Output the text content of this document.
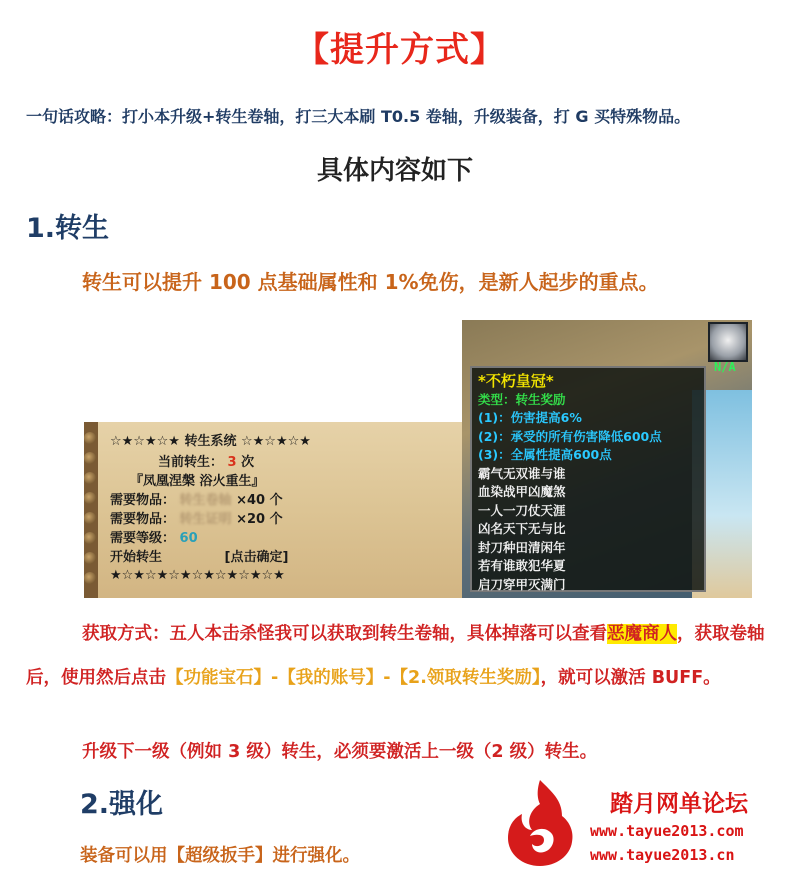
【提升方式】
一句话攻略：打小本升级+转生卷轴，打三大本刷 T0.5 卷轴，升级装备，打 G 买特殊物品。
具体内容如下
1.转生
转生可以提升 100 点基础属性和 1%免伤，是新人起步的重点。
☆★☆★☆★ 转生系统 ☆★☆★☆★
当前转生： 3 次
『凤凰涅槃 浴火重生』
需要物品： 转生卷轴 ×40 个
需要物品： 转生证明 ×20 个
需要等级： 60
开始转生	[点击确定]
★☆★☆★☆★☆★☆★☆★☆★
N/A
*不朽皇冠*
类型：转生奖励
(1)：伤害提高6%
(2)：承受的所有伤害降低600点
(3)：全属性提高600点
霸气无双谁与谁
血染战甲凶魔煞
一人一刀仗天涯
凶名天下无与比
封刀种田清闲年
若有谁敢犯华夏
启刀穿甲灭满门
获取方式：五人本击杀怪我可以获取到转生卷轴，具体掉落可以查看恶魔商人，获取卷轴后，使用然后点击【功能宝石】-【我的账号】-【2.领取转生奖励】，就可以激活 BUFF。
升级下一级（例如 3 级）转生，必须要激活上一级（2 级）转生。
2.强化
装备可以用【超级扳手】进行强化。
踏月网单论坛
www.tayue2013.com
www.tayue2013.cn
